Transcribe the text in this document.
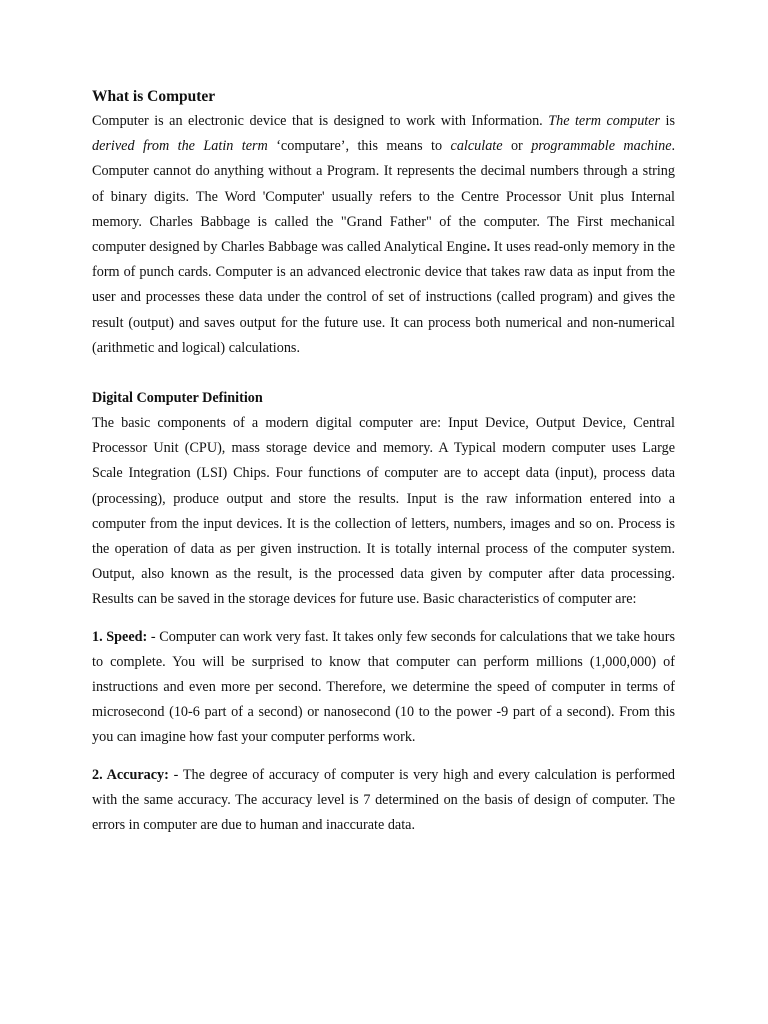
What is Computer

Computer is an electronic device that is designed to work with Information. The term computer is derived from the Latin term ‘computare’, this means to calculate or programmable machine. Computer cannot do anything without a Program. It represents the decimal numbers through a string of binary digits. The Word 'Computer' usually refers to the Centre Processor Unit plus Internal memory. Charles Babbage is called the "Grand Father" of the computer. The First mechanical computer designed by Charles Babbage was called Analytical Engine. It uses read-only memory in the form of punch cards. Computer is an advanced electronic device that takes raw data as input from the user and processes these data under the control of set of instructions (called program) and gives the result (output) and saves output for the future use. It can process both numerical and non-numerical (arithmetic and logical) calculations.

Digital Computer Definition

The basic components of a modern digital computer are: Input Device, Output Device, Central Processor Unit (CPU), mass storage device and memory. A Typical modern computer uses Large Scale Integration (LSI) Chips. Four functions of computer are to accept data (input), process data (processing), produce output and store the results. Input is the raw information entered into a computer from the input devices. It is the collection of letters, numbers, images and so on. Process is the operation of data as per given instruction. It is totally internal process of the computer system. Output, also known as the result, is the processed data given by computer after data processing. Results can be saved in the storage devices for future use. Basic characteristics of computer are:

1. Speed: - Computer can work very fast. It takes only few seconds for calculations that we take hours to complete. You will be surprised to know that computer can perform millions (1,000,000) of instructions and even more per second. Therefore, we determine the speed of computer in terms of microsecond (10-6 part of a second) or nanosecond (10 to the power -9 part of a second). From this you can imagine how fast your computer performs work.

2. Accuracy: - The degree of accuracy of computer is very high and every calculation is performed with the same accuracy. The accuracy level is 7 determined on the basis of design of computer. The errors in computer are due to human and inaccurate data.
